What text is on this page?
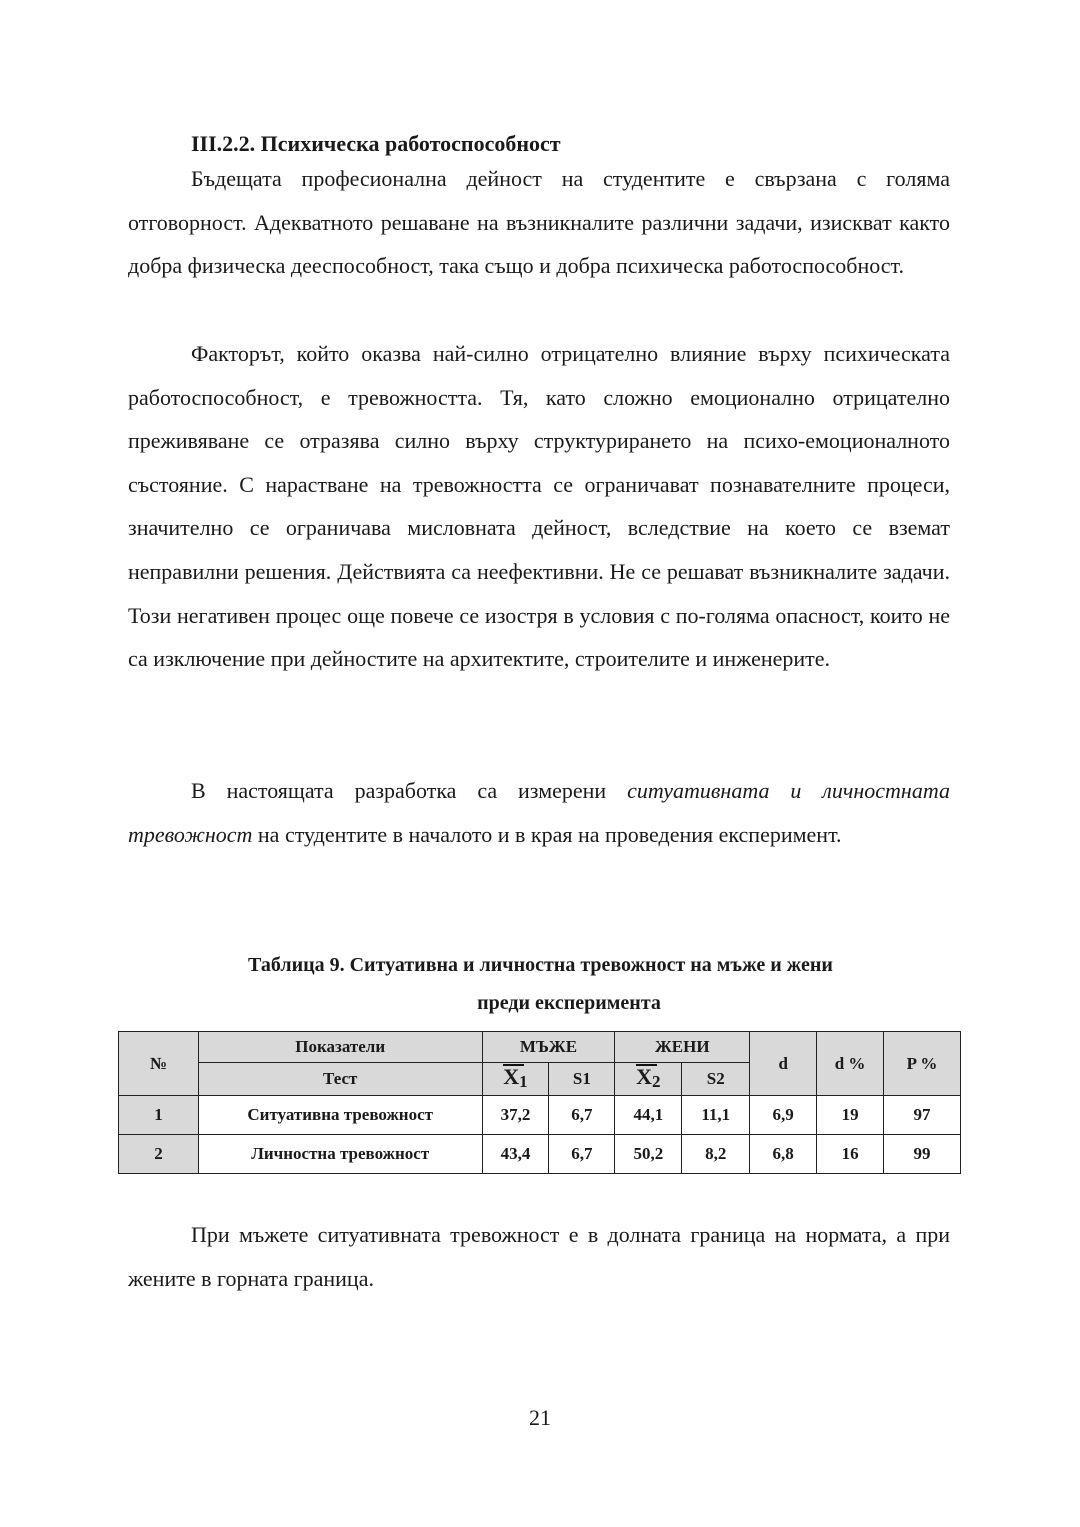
III.2.2. Психическа работоспособност

Бъдещата професионална дейност на студентите е свързана с голяма отговорност. Адекватното решаване на възникналите различни задачи, изискват както добра физическа дееспособност, така също и добра психическа работоспособност.

Факторът, който оказва най-силно отрицателно влияние върху психическата работоспособност, е тревожността. Тя, като сложно емоционално отрицателно преживяване се отразява силно върху структурирането на психо-емоционалното състояние. С нарастване на тревожността се ограничават познавателните процеси, значително се ограничава мисловната дейност, вследствие на което се вземат неправилни решения. Действията са неефективни. Не се решават възникналите задачи. Този негативен процес още повече се изостря в условия с по-голяма опасност, които не са изключение при дейностите на архитектите, строителите и инженерите.

В настоящата разработка са измерени ситуативната и личностната тревожност на студентите в началото и в края на проведения експеримент.

Таблица 9. Ситуативна и личностна тревожност на мъже и жени
преди експеримента
№	Показатели	МЪЖЕ		ЖЕНИ		d	d %	P %
	Тест	$X_1$	S1	$X_2$	S2			
1	Ситуативна тревожност	37,2	6,7	44,1	11,1	6,9	19	97
2	Личностна тревожност	43,4	6,7	50,2	8,2	6,8	16	99

При мъжете ситуативната тревожност е в долната граница на нормата, а при жените в горната граница.

21
